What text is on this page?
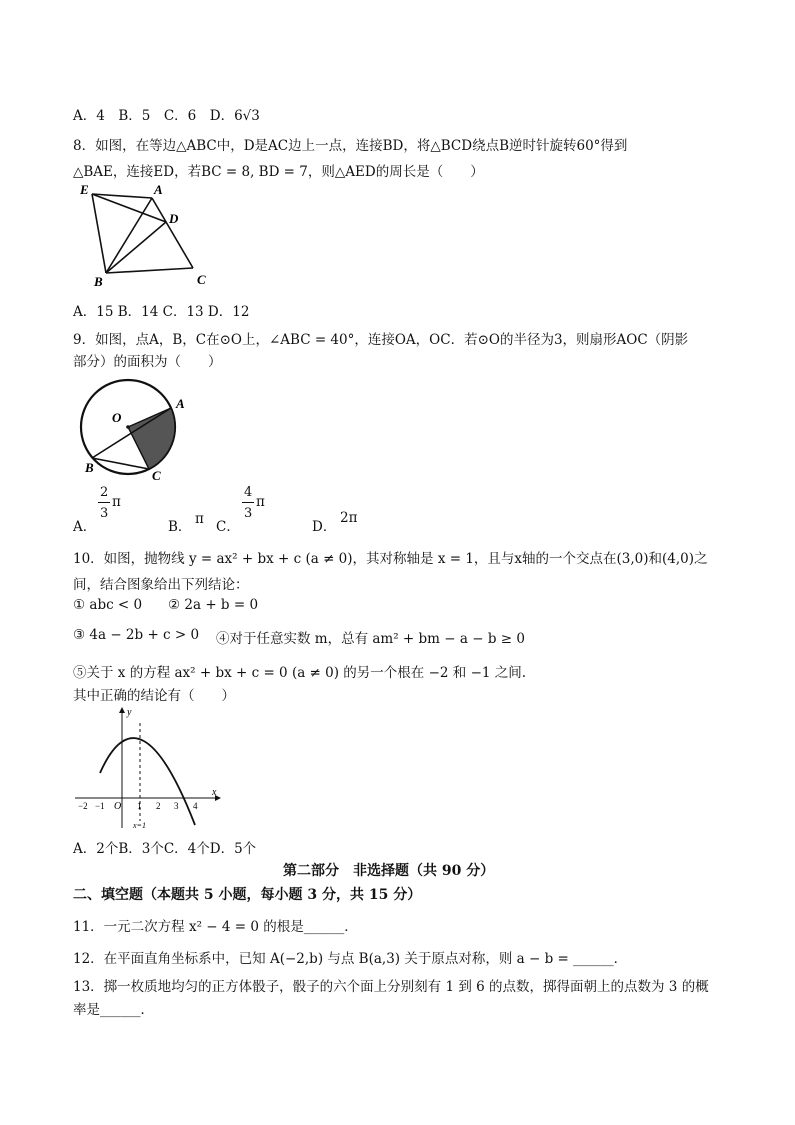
A．4　B．5　C．6　D．6√3
8．如图，在等边△ABC中，D是AC边上一点，连接BD，将△BCD绕点B逆时针旋转60°得到
△BAE，连接ED，若BC = 8, BD = 7，则△AED的周长是（　　）
E	A
D
B	C
A．15 B．14 C．13 D．12
9．如图，点A，B，C在⊙O上，∠ABC = 40°，连接OA，OC．若⊙O的半径为3，则扇形AOC（阴影
部分）的面积为（　　）
O
A
B
C
A．
2
3
π
B． π C．
4
3
π
D．
2π
10．如图，抛物线 y = ax² + bx + c (a ≠ 0)，其对称轴是 x = 1，且与x轴的一个交点在(3,0)和(4,0)之
间，结合图象给出下列结论：
① abc < 0 ② 2a + b = 0
③ 4a − 2b + c > 0 ④对于任意实数 m，总有 am² + bm − a − b ≥ 0
⑤关于 x 的方程 ax² + bx + c = 0 (a ≠ 0) 的另一个根在 −2 和 −1 之间.
其中正确的结论有（　　）
y
x
O
−2 −1	1 2 3 4
x=1
A．2个B．3个C．4个D．5个
第二部分　非选择题（共 90 分）
二、填空题（本题共 5 小题，每小题 3 分，共 15 分）
11．一元二次方程 x² − 4 = 0 的根是______．
12．在平面直角坐标系中，已知 A(−2,b) 与点 B(a,3) 关于原点对称，则 a − b = ______．
13．掷一枚质地均匀的正方体骰子，骰子的六个面上分别刻有 1 到 6 的点数，掷得面朝上的点数为 3 的概
率是______．
